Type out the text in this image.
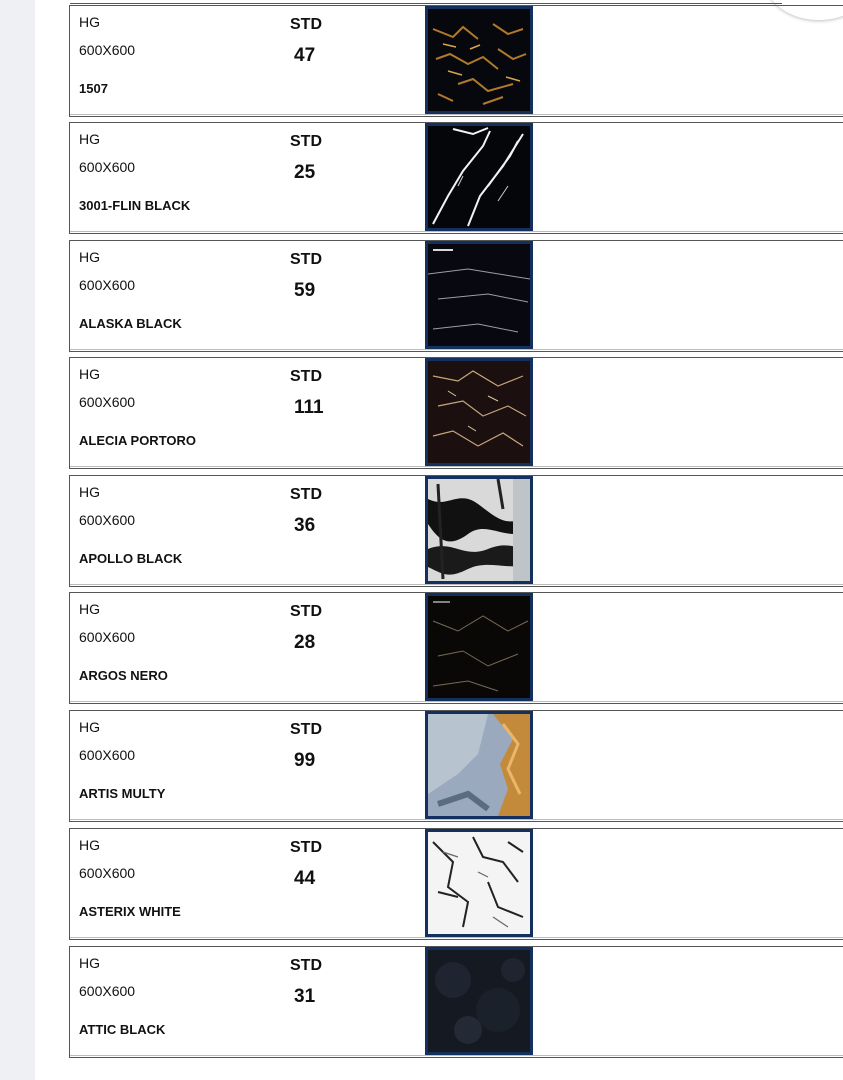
HG
600X600
1507
STD
47
HG
600X600
3001-FLIN BLACK
STD
25
HG
600X600
ALASKA BLACK
STD
59
HG
600X600
ALECIA PORTORO
STD
111
HG
600X600
APOLLO BLACK
STD
36
HG
600X600
ARGOS NERO
STD
28
HG
600X600
ARTIS MULTY
STD
99
HG
600X600
ASTERIX WHITE
STD
44
HG
600X600
ATTIC BLACK
STD
31
